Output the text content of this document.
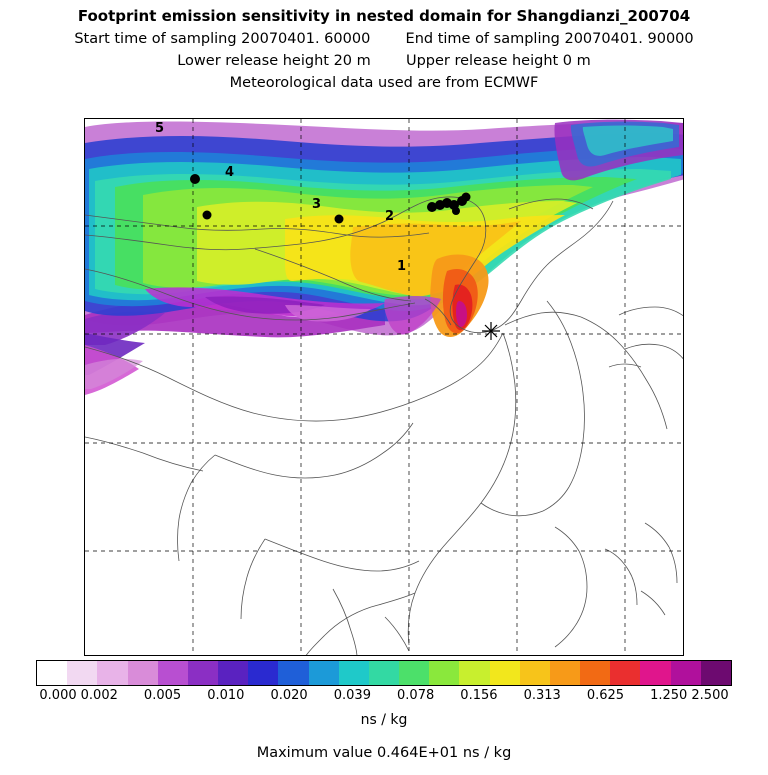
Footprint emission sensitivity in nested domain for Shangdianzi_200704
Start time of sampling 20070401. 60000 End time of sampling 20070401. 90000
Lower release height 20 m Upper release height 0 m
Meteorological data used are from ECMWF
4
5
3
2
1
0.000 0.002 0.005 0.010 0.020 0.039 0.078 0.156 0.313 0.625 1.250 2.500
ns / kg
Maximum value 0.464E+01 ns / kg
